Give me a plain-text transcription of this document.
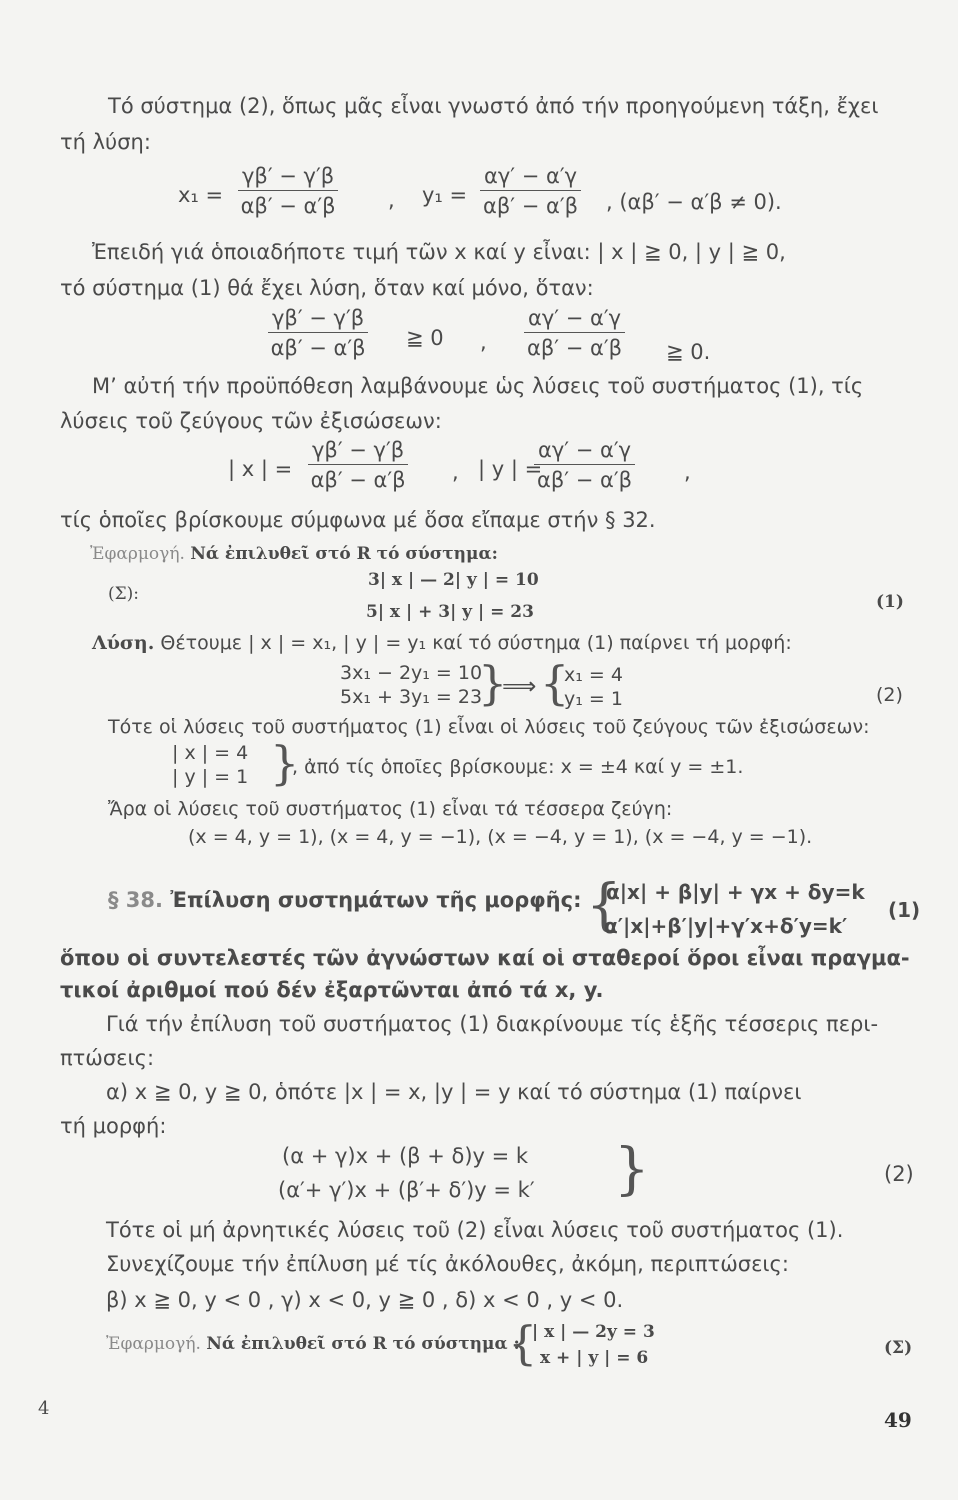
Τό σύστημα (2), ὅπως μᾶς εἶναι γνωστό ἀπό τήν προηγούμενη τάξη, ἔχει
τή λύση:
$x_1 = \frac{\gamma\beta' - \gamma'\beta}{\alpha\beta' - \alpha'\beta}$ , $y_1 = \frac{\alpha\gamma' - \alpha'\gamma}{\alpha\beta' - \alpha'\beta}$ , (αβ′ − α′β ≠ 0).
Ἐπειδή γιά ὁποιαδήποτε τιμή τῶν x καί y εἶναι: | x | ≧ 0, | y | ≧ 0,
τό σύστημα (1) θά ἔχει λύση, ὅταν καί μόνο, ὅταν:
$\frac{\gamma\beta' - \gamma'\beta}{\alpha\beta' - \alpha'\beta}$ ≧ 0 , $\frac{\alpha\gamma' - \alpha'\gamma}{\alpha\beta' - \alpha'\beta}$ ≧ 0.
Μ’ αὐτή τήν προϋπόθεση λαμβάνουμε ὡς λύσεις τοῦ συστήματος (1), τίς
λύσεις τοῦ ζεύγους τῶν ἐξισώσεων:
| x | = $\frac{\gamma\beta' - \gamma'\beta}{\alpha\beta' - \alpha'\beta}$ , | y | =
$\frac{\alpha\gamma' - \alpha'\gamma}{\alpha\beta' - \alpha'\beta}$ ,
τίς ὁποῖες βρίσκουμε σύμφωνα μέ ὅσα εἴπαμε στήν § 32.
Ἐφαρμογή. Νά ἐπιλυθεῖ στό R τό σύστημα:
(Σ):
3| x | — 2| y | = 10
5| x | + 3| y | = 23	(1)
Λύση. Θέτουμε | x | = x₁, | y | = y₁ καί τό σύστημα (1) παίρνει τή μορφή:
3x₁ − 2y₁ = 10
5x₁ + 3y₁ = 23
}
⟹ {
x₁ = 4
y₁ = 1	(2)
Τότε οἱ λύσεις τοῦ συστήματος (1) εἶναι οἱ λύσεις τοῦ ζεύγους τῶν ἐξισώσεων:
| x | = 4
| y | = 1 }
, ἀπό τίς ὁποῖες βρίσκουμε: x = ±4 καί y = ±1.
Ἄρα οἱ λύσεις τοῦ συστήματος (1) εἶναι τά τέσσερα ζεύγη:
(x = 4, y = 1), (x = 4, y = −1), (x = −4, y = 1), (x = −4, y = −1).
§ 38. Ἐπίλυση συστημάτων τῆς μορφῆς: {
α|x| + β|y| + γx + δy=k
α′|x|+β′|y|+γ′x+δ′y=k′
(1)
ὅπου οἱ συντελεστές τῶν ἀγνώστων καί οἱ σταθεροί ὅροι εἶναι πραγμα-
τικοί ἀριθμοί πού δέν ἐξαρτῶνται ἀπό τά x, y.
Γιά τήν ἐπίλυση τοῦ συστήματος (1) διακρίνουμε τίς ἑξῆς τέσσερις περι-
πτώσεις:
α) x ≧ 0, y ≧ 0, ὁπότε |x | = x, |y | = y καί τό σύστημα (1) παίρνει
τή μορφή:
(α + γ)x + (β + δ)y = k
(α′+ γ′)x + (β′+ δ′)y = k′ }	(2)
Τότε οἱ μή ἀρνητικές λύσεις τοῦ (2) εἶναι λύσεις τοῦ συστήματος (1).
Συνεχίζουμε τήν ἐπίλυση μέ τίς ἀκόλουθες, ἀκόμη, περιπτώσεις:
β) x ≧ 0, y < 0 , γ) x < 0, y ≧ 0 , δ) x < 0 , y < 0.
Ἐφαρμογή. Νά ἐπιλυθεῖ στό R τό σύστημα :
{
| x | — 2y = 3
x + | y | = 6	(Σ)
4	49
